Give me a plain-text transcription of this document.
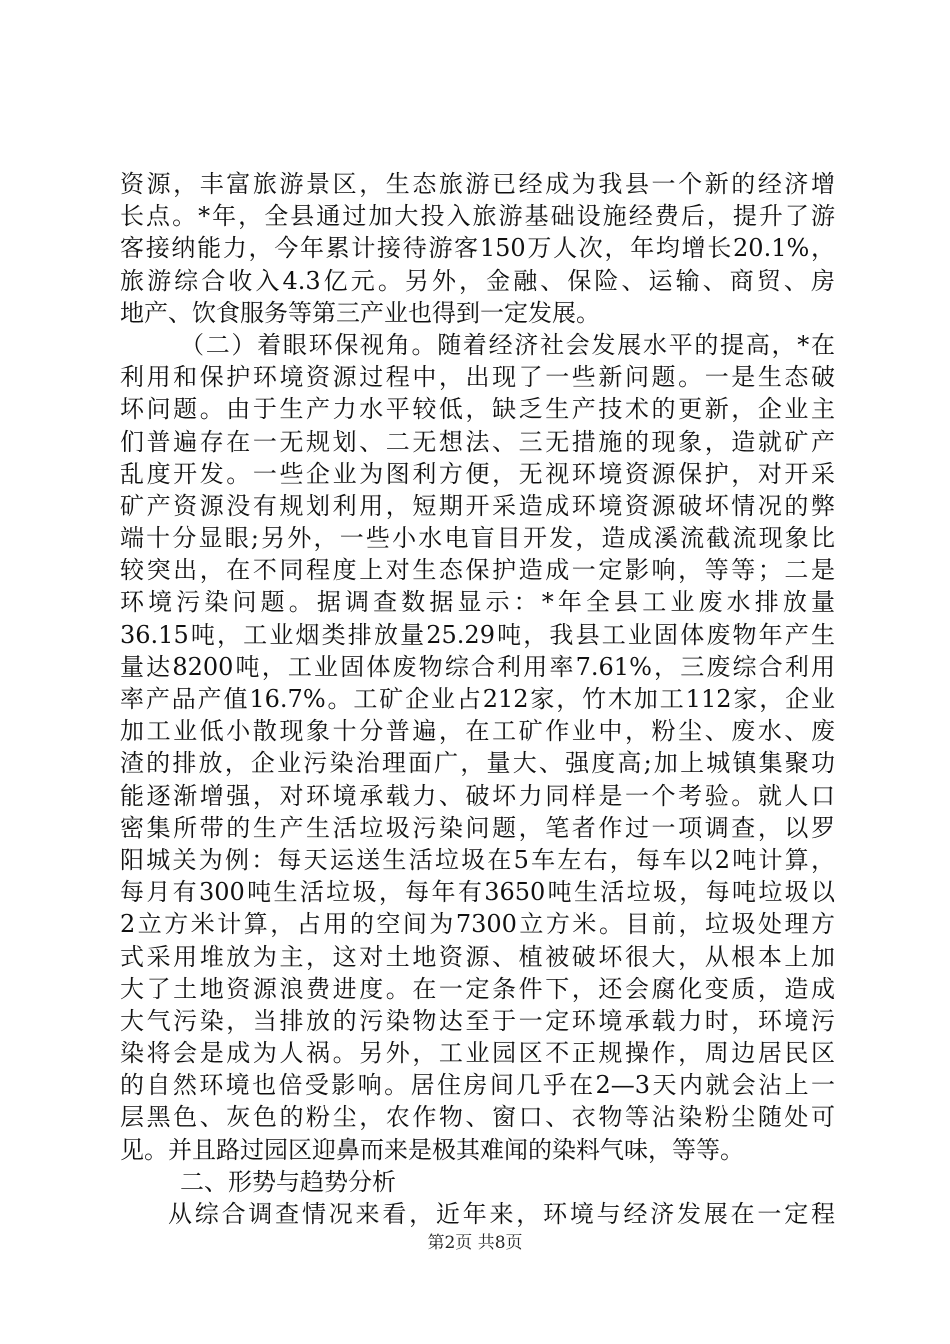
资源，丰富旅游景区，生态旅游已经成为我县一个新的经济增
长点。*年，全县通过加大投入旅游基础设施经费后，提升了游
客接纳能力，今年累计接待游客150万人次，年均增长20.1%，
旅游综合收入4.3亿元。另外，金融、保险、运输、商贸、房
地产、饮食服务等第三产业也得到一定发展。
（二）着眼环保视角。随着经济社会发展水平的提高，*在
利用和保护环境资源过程中，出现了一些新问题。一是生态破
坏问题。由于生产力水平较低，缺乏生产技术的更新，企业主
们普遍存在一无规划、二无想法、三无措施的现象，造就矿产
乱度开发。一些企业为图利方便，无视环境资源保护，对开采
矿产资源没有规划利用，短期开采造成环境资源破坏情况的弊
端十分显眼;另外，一些小水电盲目开发，造成溪流截流现象比
较突出，在不同程度上对生态保护造成一定影响，等等；二是
环境污染问题。据调查数据显示：*年全县工业废水排放量
36.15吨，工业烟类排放量25.29吨，我县工业固体废物年产生
量达8200吨，工业固体废物综合利用率7.61%，三废综合利用
率产品产值16.7%。工矿企业占212家，竹木加工112家，企业
加工业低小散现象十分普遍，在工矿作业中，粉尘、废水、废
渣的排放，企业污染治理面广，量大、强度高;加上城镇集聚功
能逐渐增强，对环境承载力、破坏力同样是一个考验。就人口
密集所带的生产生活垃圾污染问题，笔者作过一项调查，以罗
阳城关为例：每天运送生活垃圾在5车左右，每车以2吨计算，
每月有300吨生活垃圾，每年有3650吨生活垃圾，每吨垃圾以
2立方米计算，占用的空间为7300立方米。目前，垃圾处理方
式采用堆放为主，这对土地资源、植被破坏很大，从根本上加
大了土地资源浪费进度。在一定条件下，还会腐化变质，造成
大气污染，当排放的污染物达至于一定环境承载力时，环境污
染将会是成为人祸。另外，工业园区不正规操作，周边居民区
的自然环境也倍受影响。居住房间几乎在2—3天内就会沾上一
层黑色、灰色的粉尘，农作物、窗口、衣物等沾染粉尘随处可
见。并且路过园区迎鼻而来是极其难闻的染料气味，等等。
二、形势与趋势分析
从综合调查情况来看，近年来，环境与经济发展在一定程
第2页 共8页
